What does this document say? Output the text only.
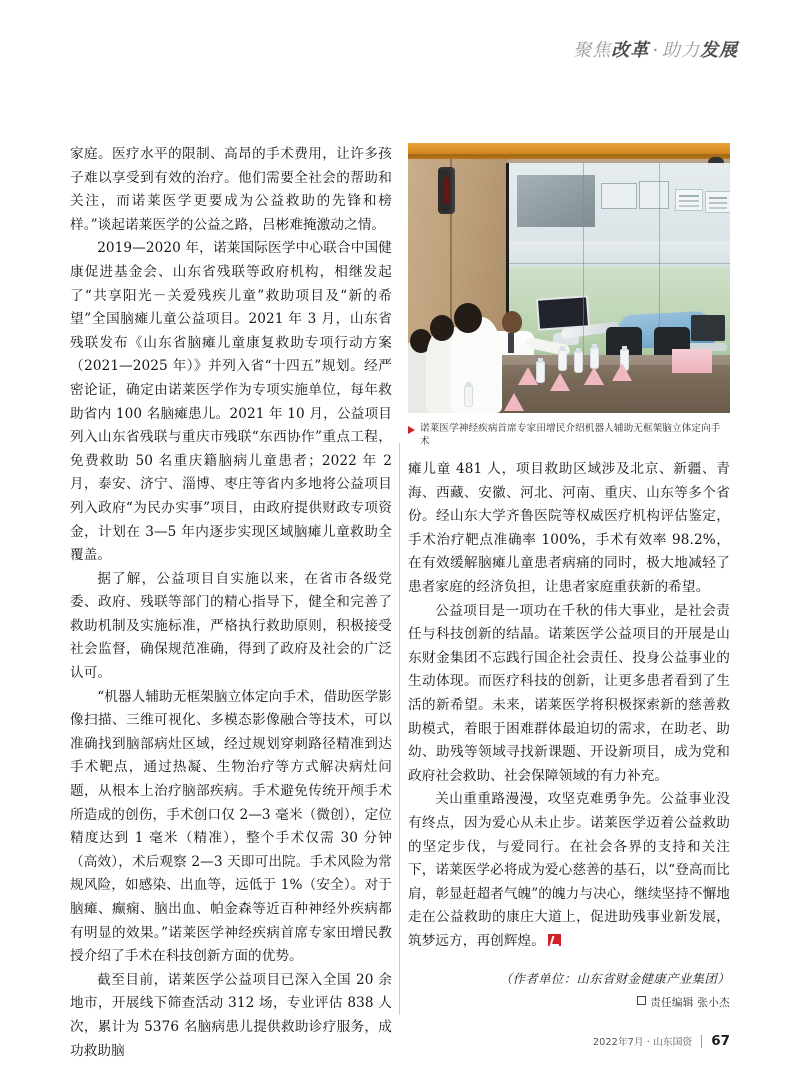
聚焦改革 · 助力发展

家庭。医疗水平的限制、高昂的手术费用，让许多孩子难以享受到有效的治疗。他们需要全社会的帮助和关注，而诺莱医学更要成为公益救助的先锋和榜样。”谈起诺莱医学的公益之路，吕彬难掩激动之情。

2019—2020 年，诺莱国际医学中心联合中国健康促进基金会、山东省残联等政府机构，相继发起了“共享阳光－关爱残疾儿童”救助项目及“新的希望”全国脑瘫儿童公益项目。2021 年 3 月，山东省残联发布《山东省脑瘫儿童康复救助专项行动方案（2021—2025 年）》并列入省“十四五”规划。经严密论证，确定由诺莱医学作为专项实施单位，每年救助省内 100 名脑瘫患儿。2021 年 10 月，公益项目列入山东省残联与重庆市残联“东西协作”重点工程，免费救助 50 名重庆籍脑病儿童患者；2022 年 2 月，泰安、济宁、淄博、枣庄等省内多地将公益项目列入政府“为民办实事”项目，由政府提供财政专项资金，计划在 3—5 年内逐步实现区域脑瘫儿童救助全覆盖。

据了解，公益项目自实施以来，在省市各级党委、政府、残联等部门的精心指导下，健全和完善了救助机制及实施标准，严格执行救助原则，积极接受社会监督，确保规范准确，得到了政府及社会的广泛认可。

“机器人辅助无框架脑立体定向手术，借助医学影像扫描、三维可视化、多模态影像融合等技术，可以准确找到脑部病灶区域，经过规划穿刺路径精准到达手术靶点，通过热凝、生物治疗等方式解决病灶问题，从根本上治疗脑部疾病。手术避免传统开颅手术所造成的创伤，手术创口仅 2—3 毫米（微创），定位精度达到 1 毫米（精准），整个手术仅需 30 分钟（高效），术后观察 2—3 天即可出院。手术风险为常规风险，如感染、出血等，远低于 1%（安全）。对于脑瘫、癫痫、脑出血、帕金森等近百种神经外疾病都有明显的效果。”诺莱医学神经疾病首席专家田增民教授介绍了手术在科技创新方面的优势。

截至目前，诺莱医学公益项目已深入全国 20 余地市，开展线下筛查活动 312 场，专业评估 838 人次，累计为 5376 名脑病患儿提供救助诊疗服务，成功救助脑

诺莱医学神经疾病首席专家田增民介绍机器人辅助无框架脑立体定向手术

瘫儿童 481 人，项目救助区域涉及北京、新疆、青海、西藏、安徽、河北、河南、重庆、山东等多个省份。经山东大学齐鲁医院等权威医疗机构评估鉴定，手术治疗靶点准确率 100%，手术有效率 98.2%，在有效缓解脑瘫儿童患者病痛的同时，极大地减轻了患者家庭的经济负担，让患者家庭重获新的希望。

公益项目是一项功在千秋的伟大事业，是社会责任与科技创新的结晶。诺莱医学公益项目的开展是山东财金集团不忘践行国企社会责任、投身公益事业的生动体现。而医疗科技的创新，让更多患者看到了生活的新希望。未来，诺莱医学将积极探索新的慈善救助模式，着眼于困难群体最迫切的需求，在助老、助幼、助残等领域寻找新课题、开设新项目，成为党和政府社会救助、社会保障领域的有力补充。

关山重重路漫漫，攻坚克难勇争先。公益事业没有终点，因为爱心从未止步。诺莱医学迈着公益救助的坚定步伐，与爱同行。在社会各界的支持和关注下，诺莱医学必将成为爱心慈善的基石，以“登高而比肩，彰显赶超者气魄”的魄力与决心，继续坚持不懈地走在公益救助的康庄大道上，促进助残事业新发展，筑梦远方，再创辉煌。

（作者单位：山东省财金健康产业集团）
责任编辑 张小杰
2022年7月 · 山东国资 67
